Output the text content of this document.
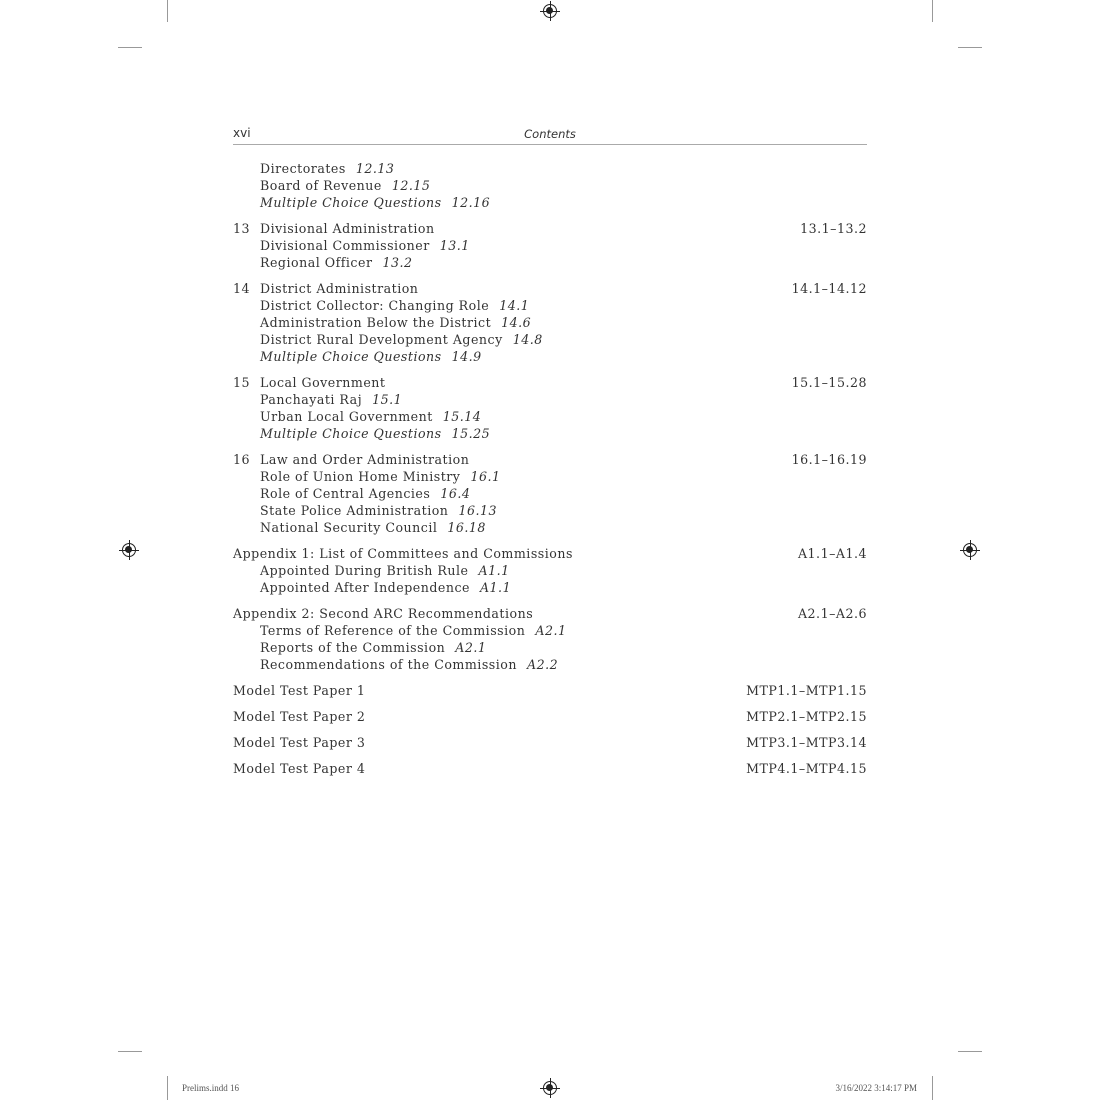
xvi	Contents
Directorates 12.13
Board of Revenue 12.15
Multiple Choice Questions 12.16
13 Divisional Administration	13.1–13.2
Divisional Commissioner 13.1
Regional Officer 13.2
14 District Administration	14.1–14.12
District Collector: Changing Role 14.1
Administration Below the District 14.6
District Rural Development Agency 14.8
Multiple Choice Questions 14.9
15 Local Government	15.1–15.28
Panchayati Raj 15.1
Urban Local Government 15.14
Multiple Choice Questions 15.25
16 Law and Order Administration	16.1–16.19
Role of Union Home Ministry 16.1
Role of Central Agencies 16.4
State Police Administration 16.13
National Security Council 16.18
Appendix 1: List of Committees and Commissions	A1.1–A1.4
Appointed During British Rule A1.1
Appointed After Independence A1.1
Appendix 2: Second ARC Recommendations	A2.1–A2.6
Terms of Reference of the Commission A2.1
Reports of the Commission A2.1
Recommendations of the Commission A2.2
Model Test Paper 1	MTP1.1–MTP1.15
Model Test Paper 2	MTP2.1–MTP2.15
Model Test Paper 3	MTP3.1–MTP3.14
Model Test Paper 4	MTP4.1–MTP4.15
Prelims.indd 16	3/16/2022 3:14:17 PM
